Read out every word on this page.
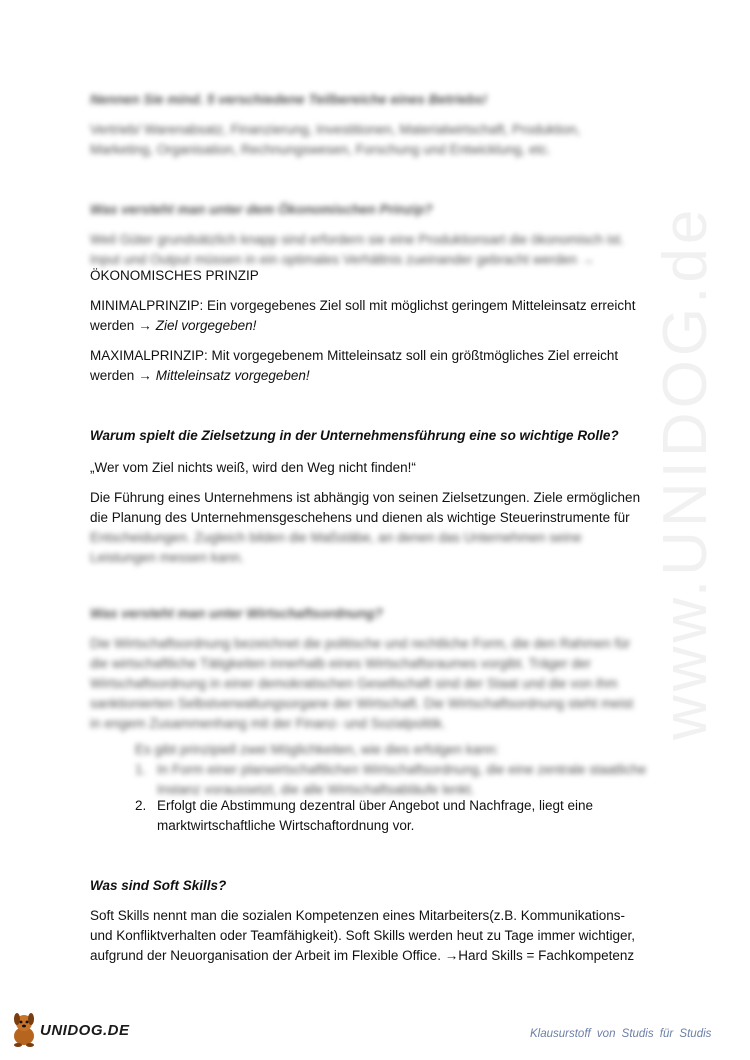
www.UNIDOG.de
Nennen Sie mind. 5 verschiedene Teilbereiche eines Betriebs!
Vertrieb/ Warenabsatz, Finanzierung, Investitionen, Materialwirtschaft, Produktion,
Marketing, Organisation, Rechnungswesen, Forschung und Entwicklung, etc.
Was versteht man unter dem Ökonomischen Prinzip?
Weil Güter grundsätzlich knapp sind erfordern sie eine Produktionsart die ökonomisch ist.
Input und Output müssen in ein optimales Verhältnis zueinander gebracht werden →
ÖKONOMISCHES PRINZIP
MINIMALPRINZIP: Ein vorgegebenes Ziel soll mit möglichst geringem Mitteleinsatz erreicht
werden → Ziel vorgegeben!
MAXIMALPRINZIP: Mit vorgegebenem Mitteleinsatz soll ein größtmögliches Ziel erreicht
werden → Mitteleinsatz vorgegeben!
Warum spielt die Zielsetzung in der Unternehmensführung eine so wichtige Rolle?
„Wer vom Ziel nichts weiß, wird den Weg nicht finden!“
Die Führung eines Unternehmens ist abhängig von seinen Zielsetzungen. Ziele ermöglichen
die Planung des Unternehmensgeschehens und dienen als wichtige Steuerinstrumente für
Entscheidungen. Zugleich bilden die Maßstäbe, an denen das Unternehmen seine
Leistungen messen kann.
Was versteht man unter Wirtschaftsordnung?
Die Wirtschaftsordnung bezeichnet die politische und rechtliche Form, die den Rahmen für
die wirtschaftliche Tätigkeiten innerhalb eines Wirtschaftsraumes vorgibt. Träger der
Wirtschaftsordnung in einer demokratischen Gesellschaft sind der Staat und die von ihm
sanktionierten Selbstverwaltungsorgane der Wirtschaft. Die Wirtschaftsordnung steht meist
in engem Zusammenhang mit der Finanz- und Sozialpolitik.
Es gibt prinzipiell zwei Möglichkeiten, wie dies erfolgen kann:
1. In Form einer planwirtschaftlichen Wirtschaftsordnung, die eine zentrale staatliche
Instanz voraussetzt, die alle Wirtschaftsabläufe lenkt.
2. Erfolgt die Abstimmung dezentral über Angebot und Nachfrage, liegt eine
marktwirtschaftliche Wirtschaftordnung vor.
Was sind Soft Skills?
Soft Skills nennt man die sozialen Kompetenzen eines Mitarbeiters(z.B. Kommunikations-
und Konfliktverhalten oder Teamfähigkeit). Soft Skills werden heut zu Tage immer wichtiger,
aufgrund der Neuorganisation der Arbeit im Flexible Office. →Hard Skills = Fachkompetenz
UNIDOG.DE	Klausurstoff von Studis für Studis
